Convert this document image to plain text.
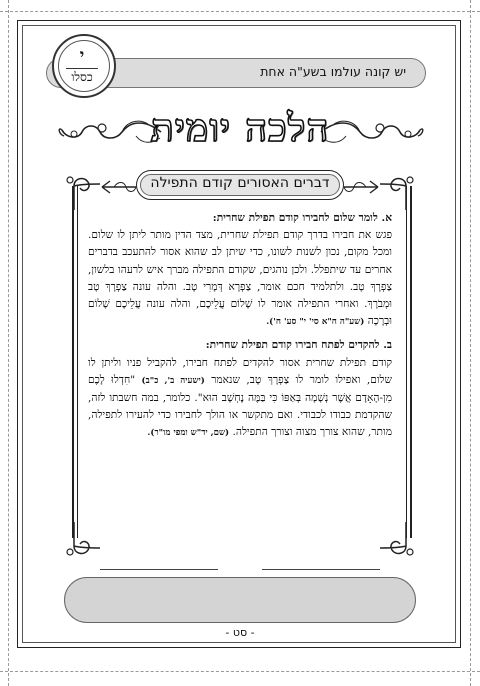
יש קונה עולמו בשע"ה אחת
י
כסלו
הלכה יומית
דברים האסורים קודם התפילה

א. לומר שלום לחבירו קודם תפילת שחרית:
פגש את חבירו בדרך קודם תפילת שחרית, מצד הדין מותר ליתן לו שלום. ומכל מקום, נכון לשנות לשונו, כדי שיתן לב שהוא אסור להתעכב בדברים אחרים עד שיתפלל. ולכן נוהגים, שקודם התפילה מברך איש לרעהו בלשון, צַפְרָךְ טָב. ולתלמיד חכם אומר, צַפְרָא דְּמָרִי טָב. והלה עונה צַפְרָךְ טָב וּמְבֹרָךְ. ואחרי התפילה אומר לו שָׁלוֹם עֲלֵיכֶם, והלה עונה עֲלֵיכֶם שָׁלוֹם וּבְרָכָה (שע"ה ח"א סי' י" סע' ח').

ב. להקדים לפתח חבירו קודם תפילת שחרית:
קודם תפילת שחרית אסור להקדים לפתח חבירו, להקביל פניו וליתן לו שלום, ואפילו לומר לו צַפְרָךְ טָב, שנאמר (ישעיה ב', כ"ב) "חִדְלוּ לָכֶם מִן-הָאָדָם אֲשֶׁר נְשָׁמָה בְּאַפּוֹ כִּי בַּמֶּה נֶחְשָׁב הוּא". כלומר, במה חשבתו לזה, שהקדמת כבודו לכבודי. ואם מתקשר או הולך לחבירו כדי להעירו לתפילה, מותר, שהוא צורך מצוה וצורך התפילה. (שם, יד"ש ומפי מו"ר).

- סט -
